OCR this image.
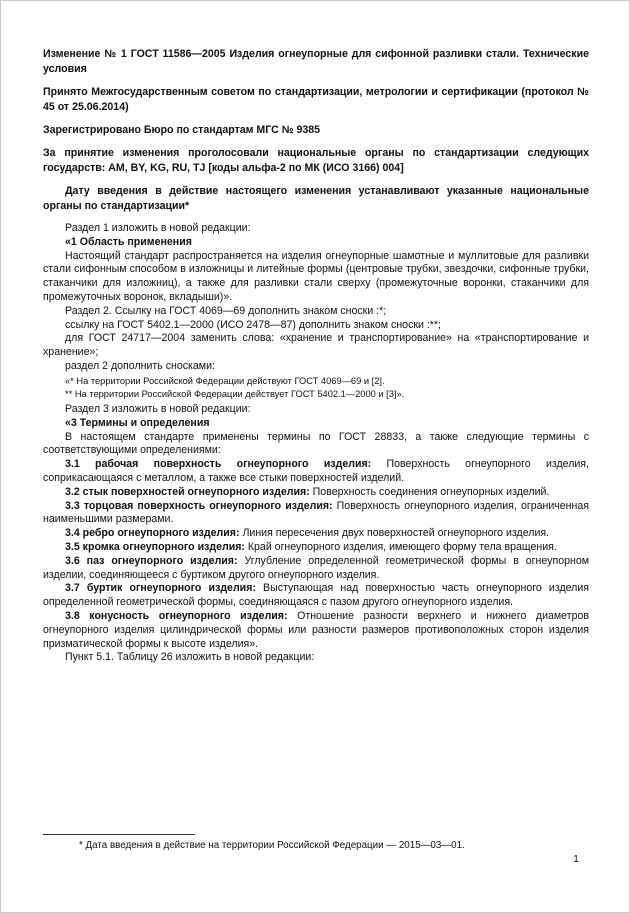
Изменение № 1 ГОСТ 11586—2005 Изделия огнеупорные для сифонной разливки стали. Технические условия

Принято Межгосударственным советом по стандартизации, метрологии и сертификации (протокол № 45 от 25.06.2014)

Зарегистрировано Бюро по стандартам МГС № 9385

За принятие изменения проголосовали национальные органы по стандартизации следующих государств: AM, BY, KG, RU, TJ [коды альфа-2 по МК (ИСО 3166) 004]

Дату введения в действие настоящего изменения устанавливают указанные национальные органы по стандартизации*

Раздел 1 изложить в новой редакции:

«1 Область применения

Настоящий стандарт распространяется на изделия огнеупорные шамотные и муллитовые для разливки стали сифонным способом в изложницы и литейные формы (центровые трубки, звездочки, сифонные трубки, стаканчики для изложниц), а также для разливки стали сверху (промежуточные воронки, стаканчики для промежуточных воронок, вкладыши)».

Раздел 2. Ссылку на ГОСТ 4069—69 дополнить знаком сноски :*;

ссылку на ГОСТ 5402.1—2000 (ИСО 2478—87) дополнить знаком сноски :**;

для ГОСТ 24717—2004 заменить слова: «хранение и транспортирование» на «транспортирование и хранение»;

раздел 2 дополнить сносками:

«* На территории Российской Федерации действуют ГОСТ 4069—69 и [2].

** На территории Российской Федерации действует ГОСТ 5402.1—2000 и [3]».

Раздел 3 изложить в новой редакции:

«3 Термины и определения

В настоящем стандарте применены термины по ГОСТ 28833, а также следующие термины с соответствующими определениями:

3.1 рабочая поверхность огнеупорного изделия: Поверхность огнеупорного изделия, соприкасающаяся с металлом, а также все стыки поверхностей изделий.

3.2 стык поверхностей огнеупорного изделия: Поверхность соединения огнеупорных изделий.

3.3 торцовая поверхность огнеупорного изделия: Поверхность огнеупорного изделия, ограниченная наименьшими размерами.

3.4 ребро огнеупорного изделия: Линия пересечения двух поверхностей огнеупорного изделия.

3.5 кромка огнеупорного изделия: Край огнеупорного изделия, имеющего форму тела вращения.

3.6 паз огнеупорного изделия: Углубление определенной геометрической формы в огнеупорном изделии, соединяющееся с буртиком другого огнеупорного изделия.

3.7 буртик огнеупорного изделия: Выступающая над поверхностью часть огнеупорного изделия определенной геометрической формы, соединяющаяся с пазом другого огнеупорного изделия.

3.8 конусность огнеупорного изделия: Отношение разности верхнего и нижнего диаметров огнеупорного изделия цилиндрической формы или разности размеров противоположных сторон изделия призматической формы к высоте изделия».

Пункт 5.1. Таблицу 26 изложить в новой редакции:

* Дата введения в действие на территории Российской Федерации — 2015—03—01.

1
